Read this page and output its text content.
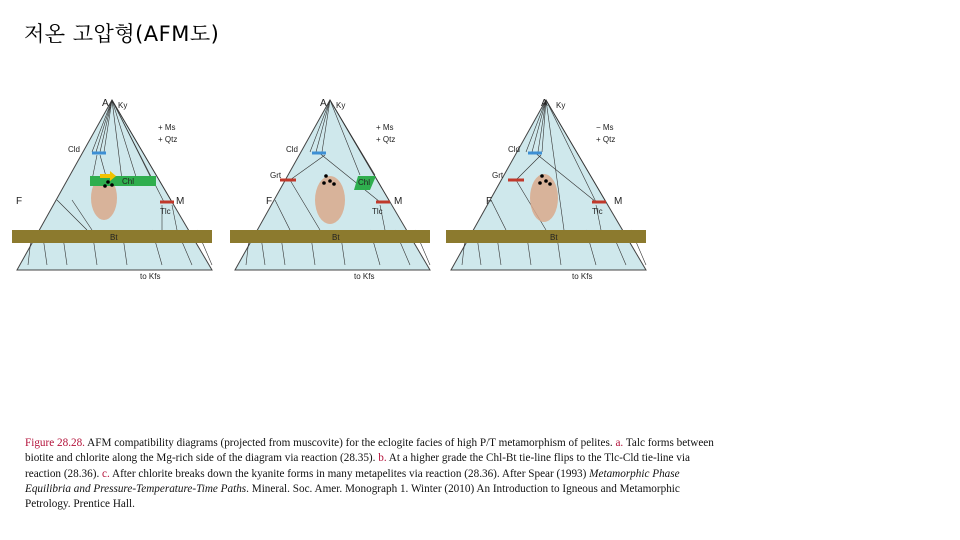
저온 고압형(AFM도)
A Ky
+ Ms
+ Qtz
Cld
Chl
F	M
Tlc
Bt
to Kfs
A Ky
+ Ms
+ Qtz
Cld
Grt
Chl
F	M
Tlc
Bt
to Kfs
A Ky
− Ms
+ Qtz
Cld
Grt
F	M
Tlc
Bt
to Kfs
Figure 28.28. AFM compatibility diagrams (projected from muscovite) for the eclogite facies of high P/T metamorphism of pelites. a. Talc forms between biotite and chlorite along the Mg-rich side of the diagram via reaction (28.35). b. At a higher grade the Chl-Bt tie-line flips to the Tlc-Cld tie-line via reaction (28.36). c. After chlorite breaks down the kyanite forms in many metapelites via reaction (28.36). After Spear (1993) Metamorphic Phase Equilibria and Pressure-Temperature-Time Paths. Mineral. Soc. Amer. Monograph 1. Winter (2010) An Introduction to Igneous and Metamorphic Petrology. Prentice Hall.
